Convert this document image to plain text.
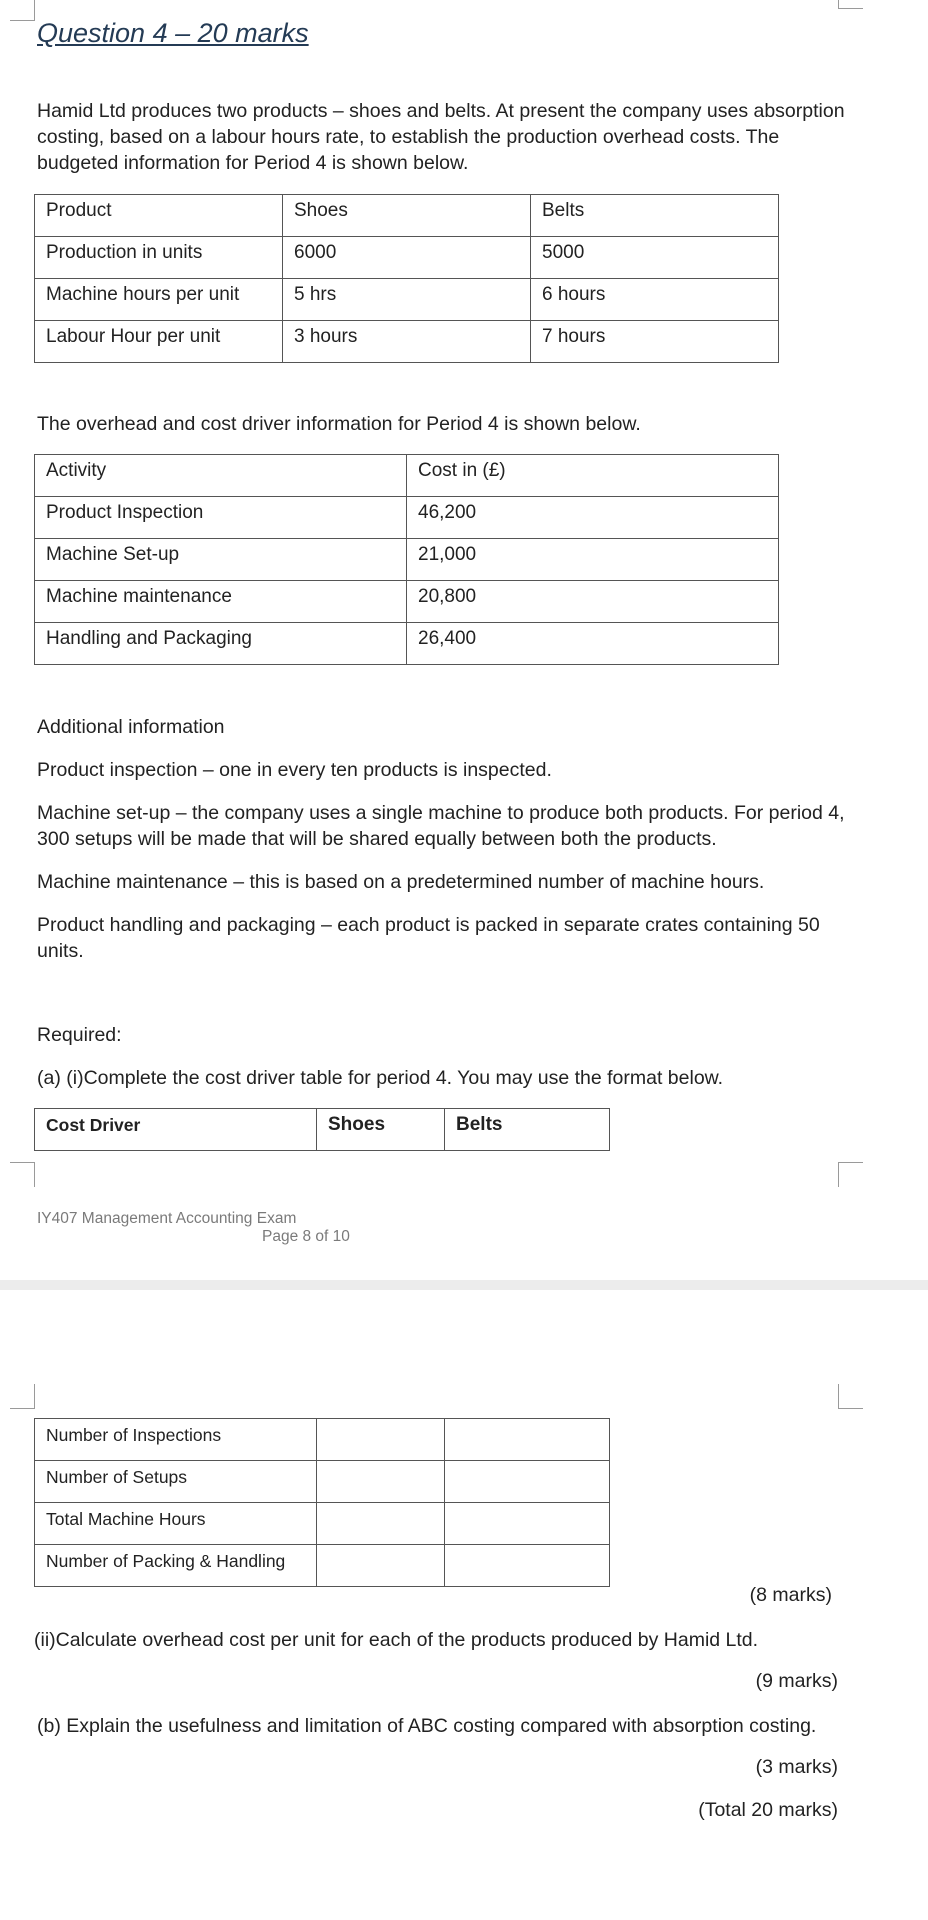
Question 4 – 20 marks
Hamid Ltd produces two products – shoes and belts. At present the company uses absorption costing, based on a labour hours rate, to establish the production overhead costs. The budgeted information for Period 4 is shown below.
Product	Shoes	Belts
Production in units	6000	5000
Machine hours per unit	5 hrs	6 hours
Labour Hour per unit	3 hours	7 hours
The overhead and cost driver information for Period 4 is shown below.
Activity	Cost in (£)
Product Inspection	46,200
Machine Set-up	21,000
Machine maintenance	20,800
Handling and Packaging	26,400
Additional information
Product inspection – one in every ten products is inspected.
Machine set-up – the company uses a single machine to produce both products. For period 4, 300 setups will be made that will be shared equally between both the products.
Machine maintenance – this is based on a predetermined number of machine hours.
Product handling and packaging – each product is packed in separate crates containing 50 units.
Required:
(a) (i)Complete the cost driver table for period 4. You may use the format below.
Cost Driver	Shoes	Belts
IY407 Management Accounting Exam
Page 8 of 10
Number of Inspections		
Number of Setups		
Total Machine Hours		
Number of Packing & Handling		
(8 marks)
(ii)Calculate overhead cost per unit for each of the products produced by Hamid Ltd.
(9 marks)
(b) Explain the usefulness and limitation of ABC costing compared with absorption costing.
(3 marks)
(Total 20 marks)
